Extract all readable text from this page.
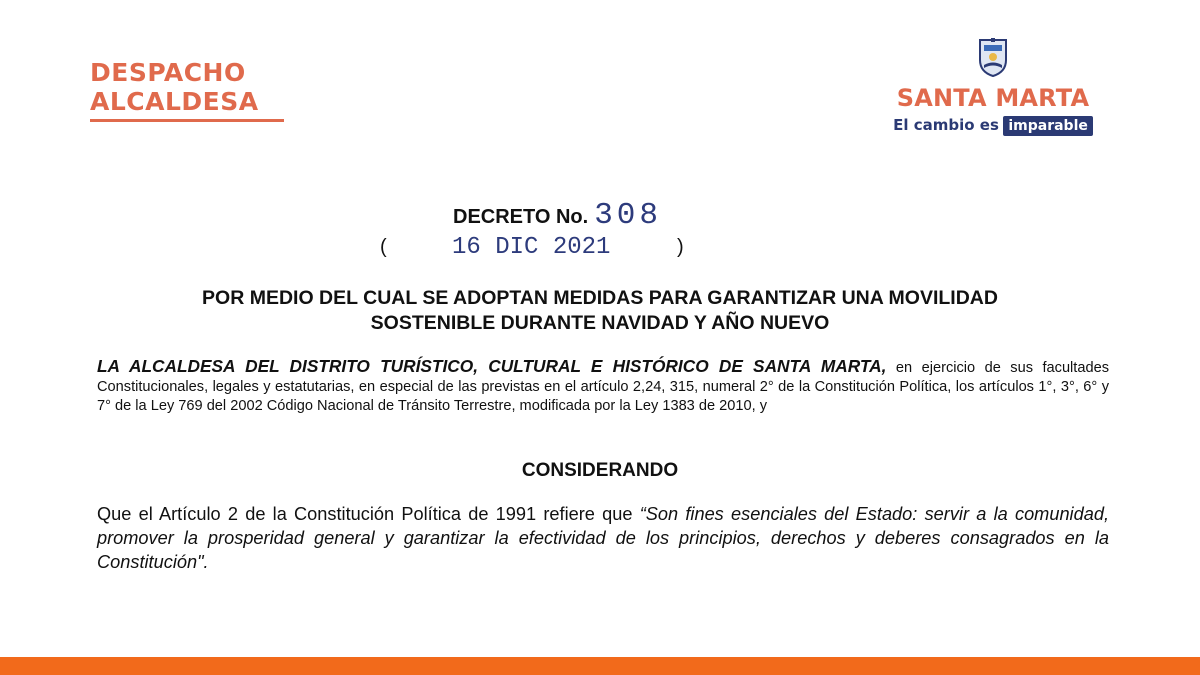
DESPACHO
ALCALDESA	SANTA MARTA
El cambio es imparable
DECRETO No. 308
(	16 DIC 2021	)
POR MEDIO DEL CUAL SE ADOPTAN MEDIDAS PARA GARANTIZAR UNA MOVILIDAD
SOSTENIBLE DURANTE NAVIDAD Y AÑO NUEVO
LA ALCALDESA DEL DISTRITO TURÍSTICO, CULTURAL E HISTÓRICO DE SANTA MARTA, en ejercicio de sus facultades Constitucionales, legales y estatutarias, en especial de las previstas en el artículo 2,24, 315, numeral 2° de la Constitución Política, los artículos 1°, 3°, 6° y 7° de la Ley 769 del 2002 Código Nacional de Tránsito Terrestre, modificada por la Ley 1383 de 2010, y
CONSIDERANDO
Que el Artículo 2 de la Constitución Política de 1991 refiere que “Son fines esenciales del Estado: servir a la comunidad, promover la prosperidad general y garantizar la efectividad de los principios, derechos y deberes consagrados en la Constitución".
